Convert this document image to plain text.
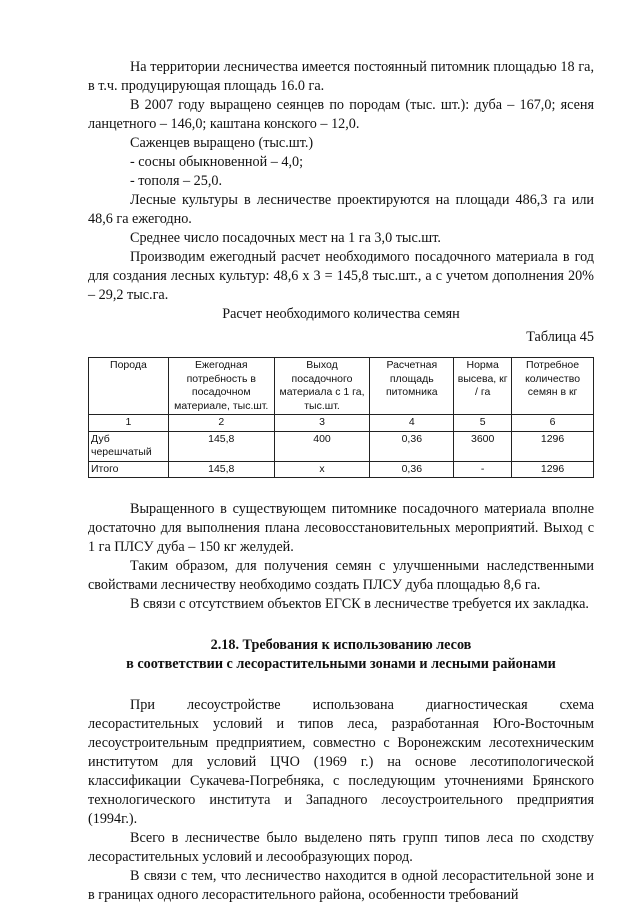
На территории лесничества имеется постоянный питомник площадью 18 га, в т.ч. продуцирующая площадь 16.0 га.

В 2007 году выращено сеянцев по породам (тыс. шт.): дуба – 167,0; ясеня ланцетного – 146,0; каштана конского – 12,0.

Саженцев выращено (тыс.шт.)

- сосны обыкновенной – 4,0;

- тополя – 25,0.

Лесные культуры в лесничестве проектируются на площади 486,3 га или 48,6 га ежегодно.

Среднее число посадочных мест на 1 га 3,0 тыс.шт.

Производим ежегодный расчет необходимого посадочного материала в год для создания лесных культур: 48,6 х 3 = 145,8 тыс.шт., а с учетом дополнения 20% – 29,2 тыс.га.

Расчет необходимого количества семян

Таблица 45

Порода	Ежегодная потребность в посадочном материале, тыс.шт.	Выход посадочного материала с 1 га, тыс.шт.	Расчетная площадь питомника	Норма высева, кг / га	Потребное количество семян в кг
1	2	3	4	5	6
Дуб черешчатый	145,8	400	0,36	3600	1296
Итого	145,8	х	0,36	-	1296

Выращенного в существующем питомнике посадочного материала вполне достаточно для выполнения плана лесовосстановительных мероприятий. Выход с 1 га ПЛСУ дуба – 150 кг желудей.

Таким образом, для получения семян с улучшенными наследственными свойствами лесничеству необходимо создать ПЛСУ дуба площадью 8,6 га.

В связи с отсутствием объектов ЕГСК в лесничестве требуется их закладка.

2.18. Требования к использованию лесов

в соответствии с лесорастительными зонами и лесными районами

При лесоустройстве использована диагностическая схема лесорастительных условий и типов леса, разработанная Юго-Восточным лесоустроительным предприятием, совместно с Воронежским лесотехническим институтом для условий ЦЧО (1969 г.) на основе лесотипологической классификации Сукачева-Погребняка, с последующим уточнениями Брянского технологического института и Западного лесоустроительного предприятия (1994г.).

Всего в лесничестве было выделено пять групп типов леса по сходству лесорастительных условий и лесообразующих пород.

В связи с тем, что лесничество находится в одной лесорастительной зоне и в границах одного лесорастительного района, особенности требований
